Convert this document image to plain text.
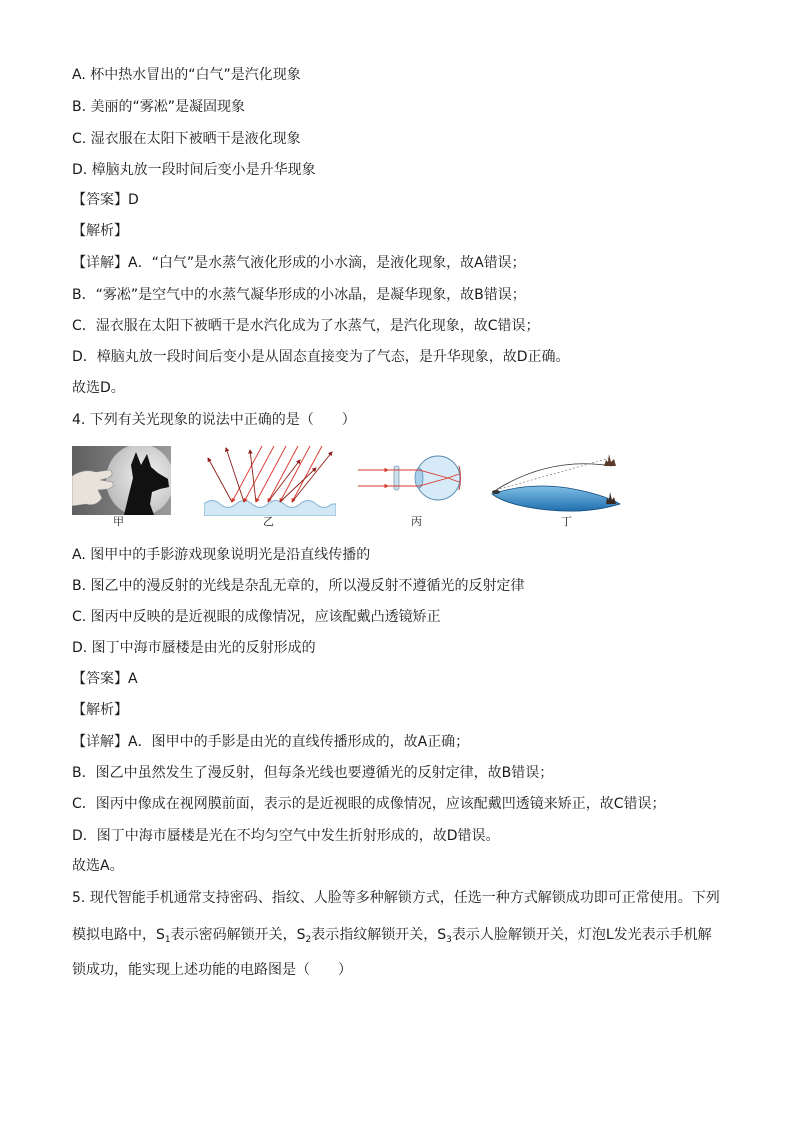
A. 杯中热水冒出的“白气”是汽化现象
B. 美丽的“雾凇”是凝固现象
C. 湿衣服在太阳下被晒干是液化现象
D. 樟脑丸放一段时间后变小是升华现象
【答案】D
【解析】
【详解】A．“白气”是水蒸气液化形成的小水滴，是液化现象，故A错误；
B．“雾凇”是空气中的水蒸气凝华形成的小冰晶，是凝华现象，故B错误；
C．湿衣服在太阳下被晒干是水汽化成为了水蒸气，是汽化现象，故C错误；
D．樟脑丸放一段时间后变小是从固态直接变为了气态，是升华现象，故D正确。
故选D。
4. 下列有关光现象的说法中正确的是（　　）
甲	乙	丙	丁
A. 图甲中的手影游戏现象说明光是沿直线传播的
B. 图乙中的漫反射的光线是杂乱无章的，所以漫反射不遵循光的反射定律
C. 图丙中反映的是近视眼的成像情况，应该配戴凸透镜矫正
D. 图丁中海市蜃楼是由光的反射形成的
【答案】A
【解析】
【详解】A．图甲中的手影是由光的直线传播形成的，故A正确；
B．图乙中虽然发生了漫反射，但每条光线也要遵循光的反射定律，故B错误；
C．图丙中像成在视网膜前面，表示的是近视眼的成像情况，应该配戴凹透镜来矫正，故C错误；
D．图丁中海市蜃楼是光在不均匀空气中发生折射形成的，故D错误。
故选A。
5. 现代智能手机通常支持密码、指纹、人脸等多种解锁方式，任选一种方式解锁成功即可正常使用。下列
模拟电路中，$S_1$表示密码解锁开关，$S_2$表示指纹解锁开关，$S_3$表示人脸解锁开关，灯泡L发光表示手机解
锁成功，能实现上述功能的电路图是（　　）
